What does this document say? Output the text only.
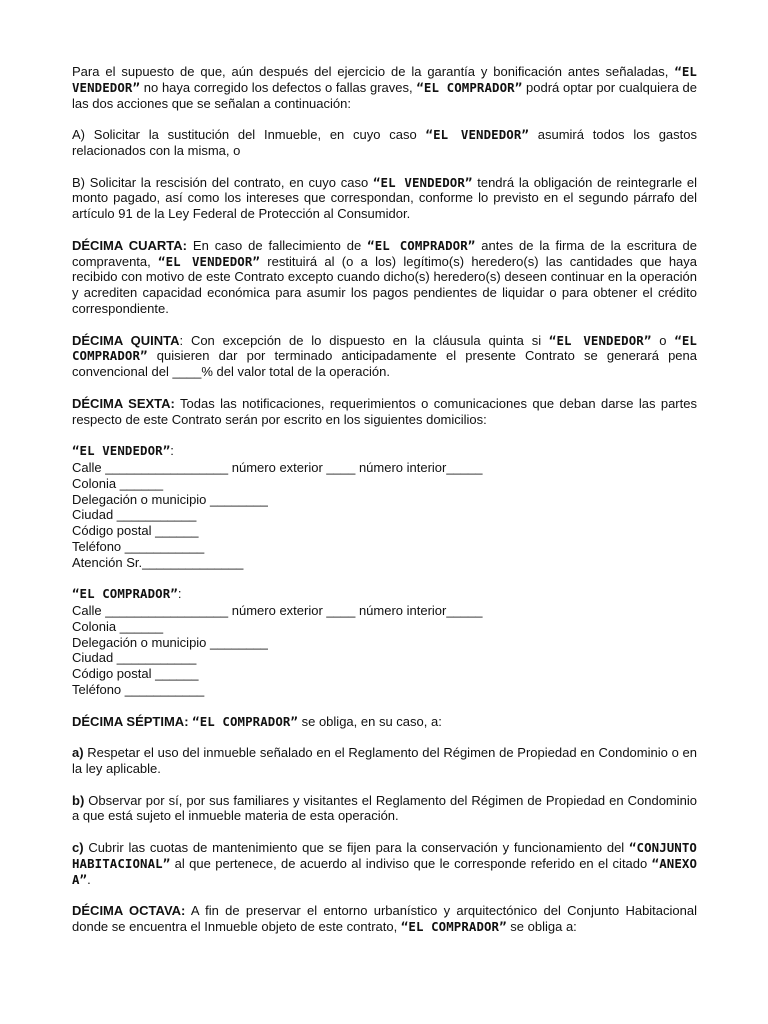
Para el supuesto de que, aún después del ejercicio de la garantía y bonificación antes señaladas, “EL VENDEDOR” no haya corregido los defectos o fallas graves, “EL COMPRADOR” podrá optar por cualquiera de las dos acciones que se señalan a continuación:

A) Solicitar la sustitución del Inmueble, en cuyo caso “EL VENDEDOR” asumirá todos los gastos relacionados con la misma, o

B) Solicitar la rescisión del contrato, en cuyo caso “EL VENDEDOR” tendrá la obligación de reintegrarle el monto pagado, así como los intereses que correspondan, conforme lo previsto en el segundo párrafo del artículo 91 de la Ley Federal de Protección al Consumidor.

DÉCIMA CUARTA: En caso de fallecimiento de “EL COMPRADOR” antes de la firma de la escritura de compraventa, “EL VENDEDOR” restituirá al (o a los) legítimo(s) heredero(s) las cantidades que haya recibido con motivo de este Contrato excepto cuando dicho(s) heredero(s) deseen continuar en la operación y acrediten capacidad económica para asumir los pagos pendientes de liquidar o para obtener el crédito correspondiente.

DÉCIMA QUINTA: Con excepción de lo dispuesto en la cláusula quinta si “EL VENDEDOR” o “EL COMPRADOR” quisieren dar por terminado anticipadamente el presente Contrato se generará pena convencional del ____% del valor total de la operación.

DÉCIMA SEXTA: Todas las notificaciones, requerimientos o comunicaciones que deban darse las partes respecto de este Contrato serán por escrito en los siguientes domicilios:

“EL VENDEDOR”:

Calle _________________ número exterior ____ número interior_____

Colonia ______

Delegación o municipio ________

Ciudad ___________

Código postal ______

Teléfono ___________

Atención Sr.______________

“EL COMPRADOR”:

Calle _________________ número exterior ____ número interior_____

Colonia ______

Delegación o municipio ________

Ciudad ___________

Código postal ______

Teléfono ___________

DÉCIMA SÉPTIMA: “EL COMPRADOR” se obliga, en su caso, a:

a) Respetar el uso del inmueble señalado en el Reglamento del Régimen de Propiedad en Condominio o en la ley aplicable.

b) Observar por sí, por sus familiares y visitantes el Reglamento del Régimen de Propiedad en Condominio a que está sujeto el inmueble materia de esta operación.

c) Cubrir las cuotas de mantenimiento que se fijen para la conservación y funcionamiento del “CONJUNTO HABITACIONAL” al que pertenece, de acuerdo al indiviso que le corresponde referido en el citado “ANEXO A”.

DÉCIMA OCTAVA: A fin de preservar el entorno urbanístico y arquitectónico del Conjunto Habitacional donde se encuentra el Inmueble objeto de este contrato, “EL COMPRADOR” se obliga a:
